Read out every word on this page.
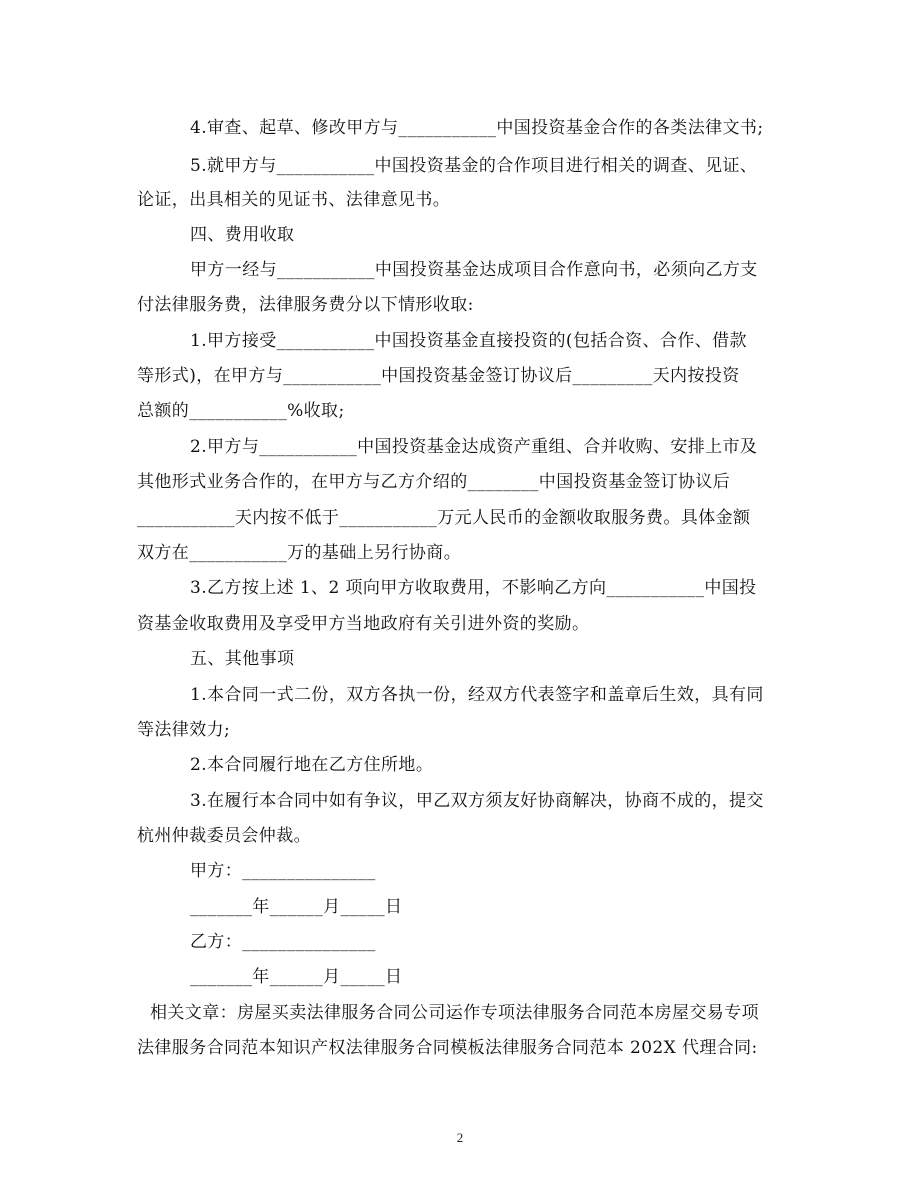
4.审查、起草、修改甲方与___________中国投资基金合作的各类法律文书;
5.就甲方与___________中国投资基金的合作项目进行相关的调查、见证、
论证，出具相关的见证书、法律意见书。
四、费用收取
甲方一经与___________中国投资基金达成项目合作意向书，必须向乙方支
付法律服务费，法律服务费分以下情形收取:
1.甲方接受___________中国投资基金直接投资的(包括合资、合作、借款
等形式)，在甲方与___________中国投资基金签订协议后_________天内按投资
总额的___________%收取;
2.甲方与___________中国投资基金达成资产重组、合并收购、安排上市及
其他形式业务合作的，在甲方与乙方介绍的________中国投资基金签订协议后
___________天内按不低于___________万元人民币的金额收取服务费。具体金额
双方在___________万的基础上另行协商。
3.乙方按上述 1、2 项向甲方收取费用，不影响乙方向___________中国投
资基金收取费用及享受甲方当地政府有关引进外资的奖励。
五、其他事项
1.本合同一式二份，双方各执一份，经双方代表签字和盖章后生效，具有同
等法律效力;
2.本合同履行地在乙方住所地。
3.在履行本合同中如有争议，甲乙双方须友好协商解决，协商不成的，提交
杭州仲裁委员会仲裁。
甲方：_______________
_______年______月_____日
乙方：_______________
_______年______月_____日
相关文章：房屋买卖法律服务合同公司运作专项法律服务合同范本房屋交易专项
法律服务合同范本知识产权法律服务合同模板法律服务合同范本 202X 代理合同:
2
